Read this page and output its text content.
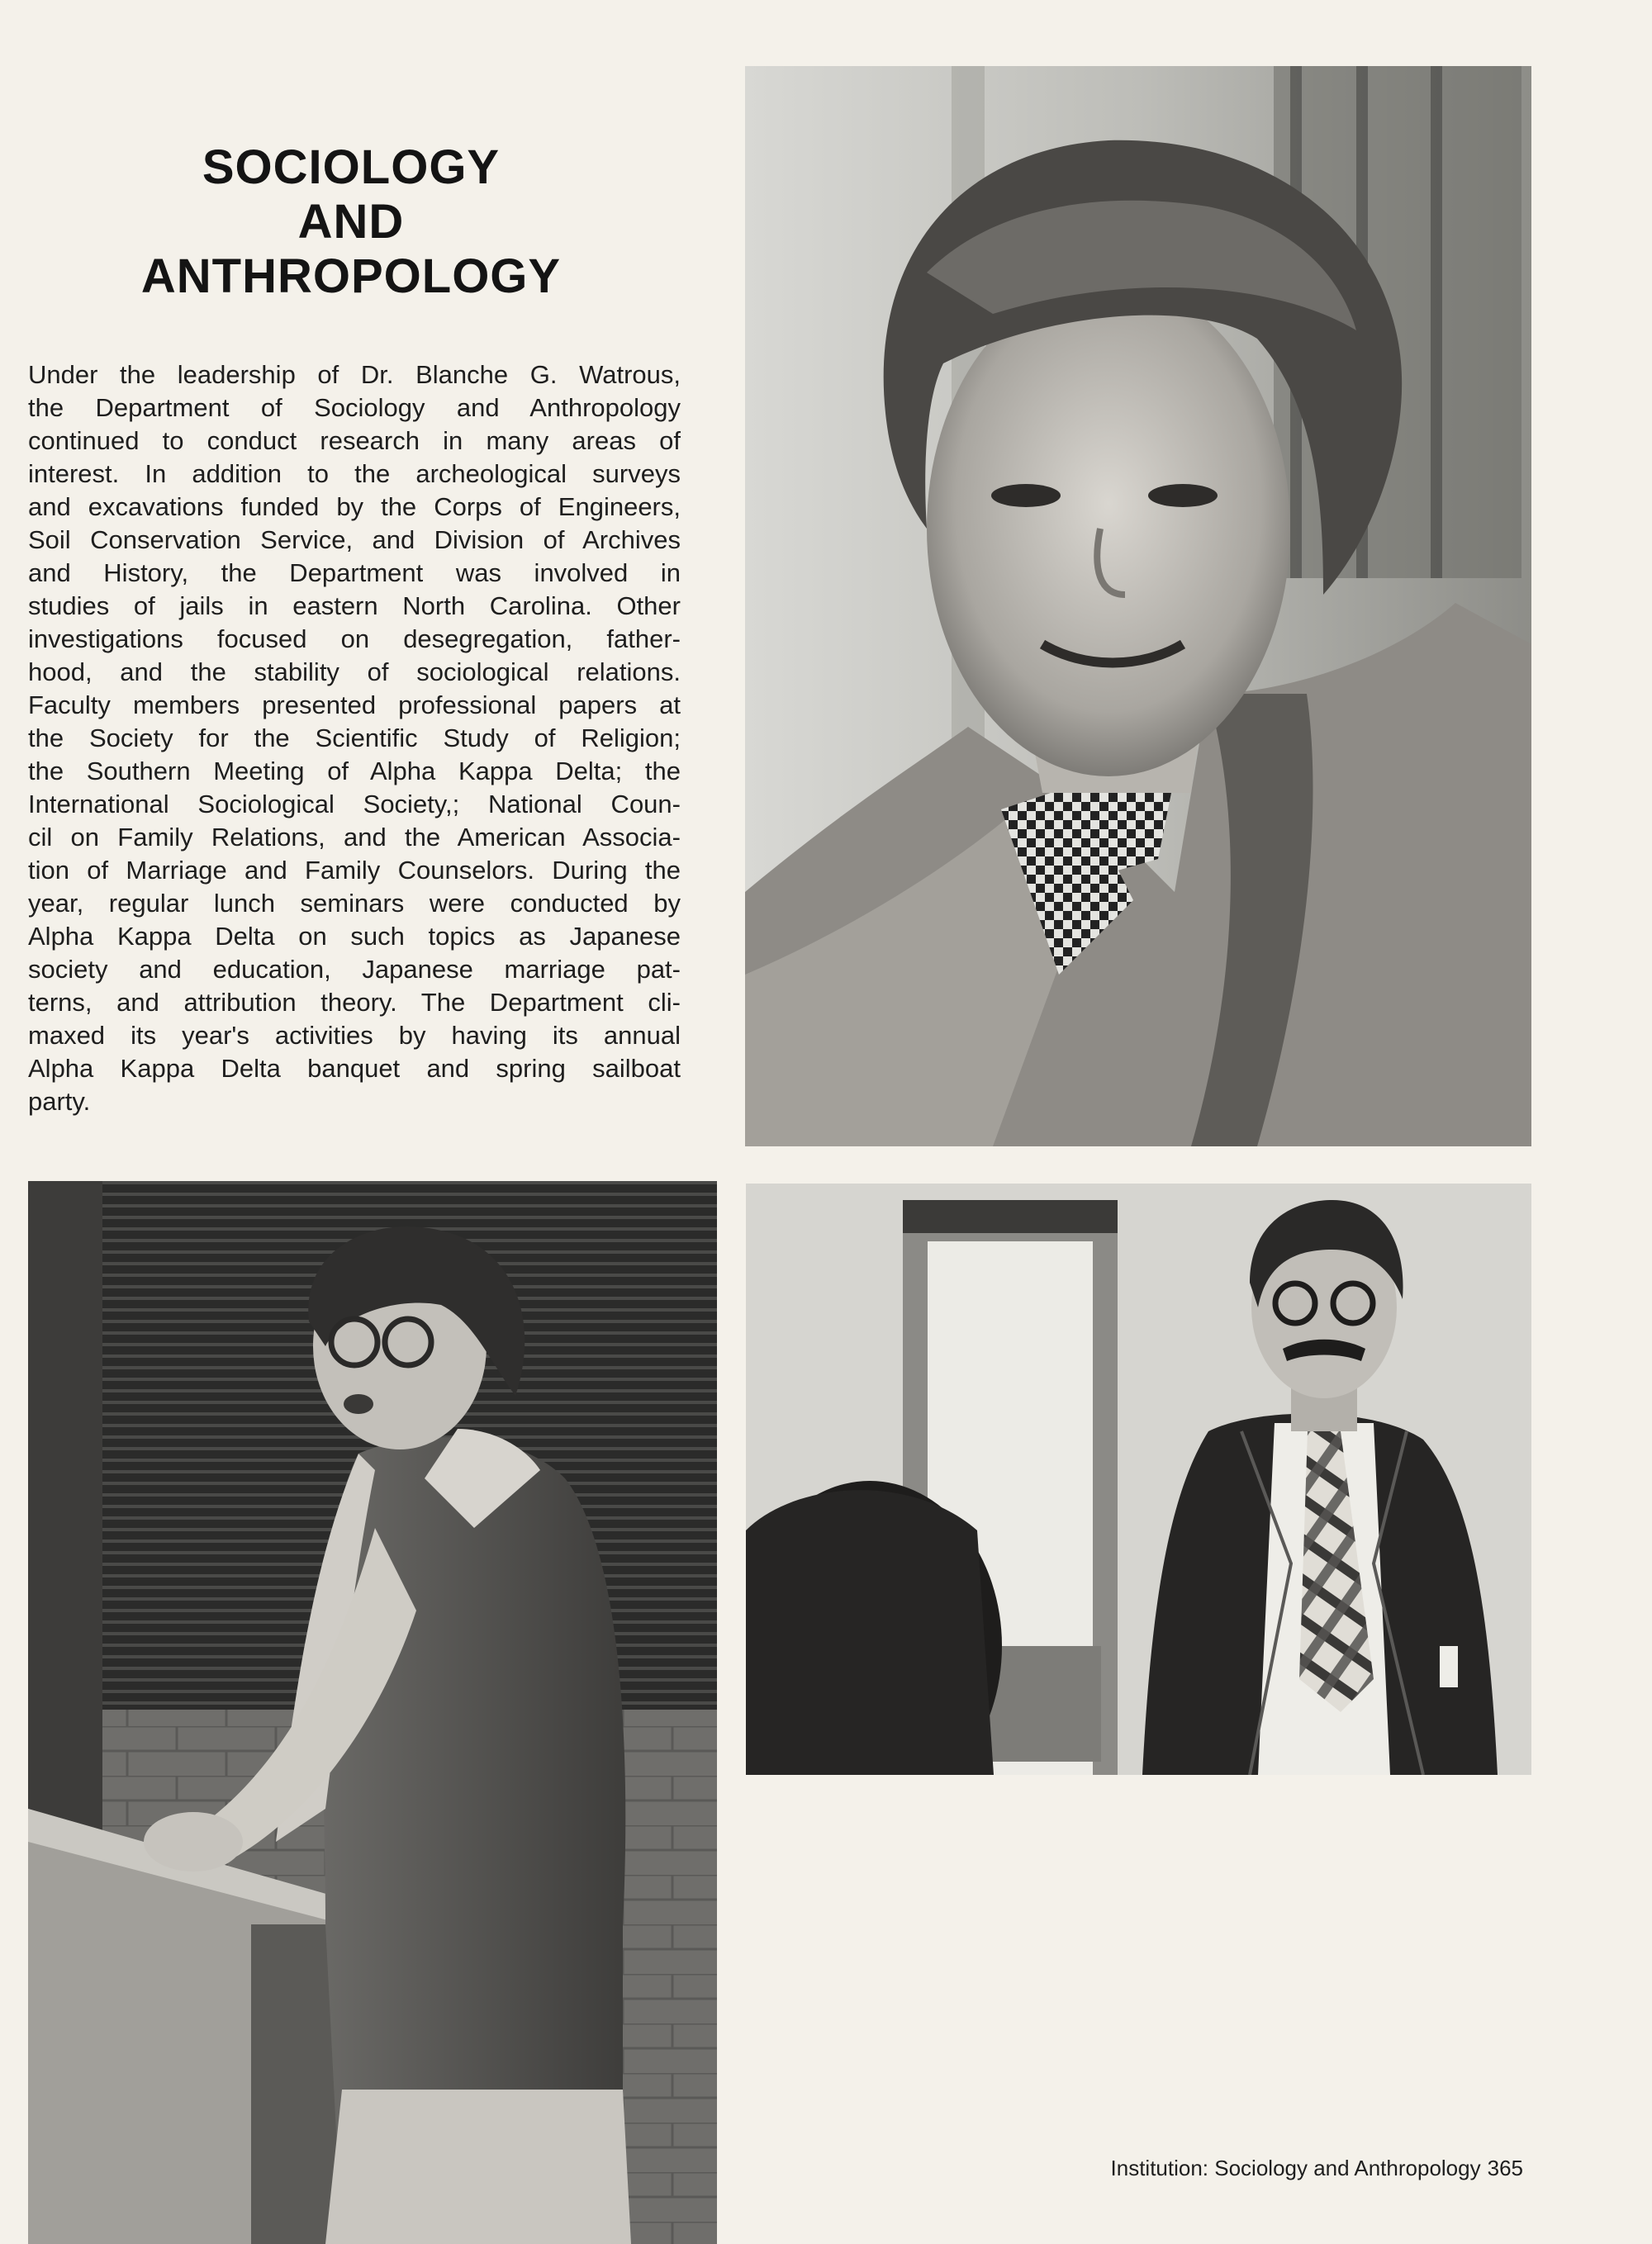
SOCIOLOGY
AND
ANTHROPOLOGY
Under the leadership of Dr. Blanche G. Watrous,
the Department of Sociology and Anthropology
continued to conduct research in many areas of
interest. In addition to the archeological surveys
and excavations funded by the Corps of Engineers,
Soil Conservation Service, and Division of Archives
and History, the Department was involved in
studies of jails in eastern North Carolina. Other
investigations focused on desegregation, father-
hood, and the stability of sociological relations.
Faculty members presented professional papers at
the Society for the Scientific Study of Religion;
the Southern Meeting of Alpha Kappa Delta; the
International Sociological Society,; National Coun-
cil on Family Relations, and the American Associa-
tion of Marriage and Family Counselors. During the
year, regular lunch seminars were conducted by
Alpha Kappa Delta on such topics as Japanese
society and education, Japanese marriage pat-
terns, and attribution theory. The Department cli-
maxed its year's activities by having its annual
Alpha Kappa Delta banquet and spring sailboat
party.
Institution: Sociology and Anthropology 365
